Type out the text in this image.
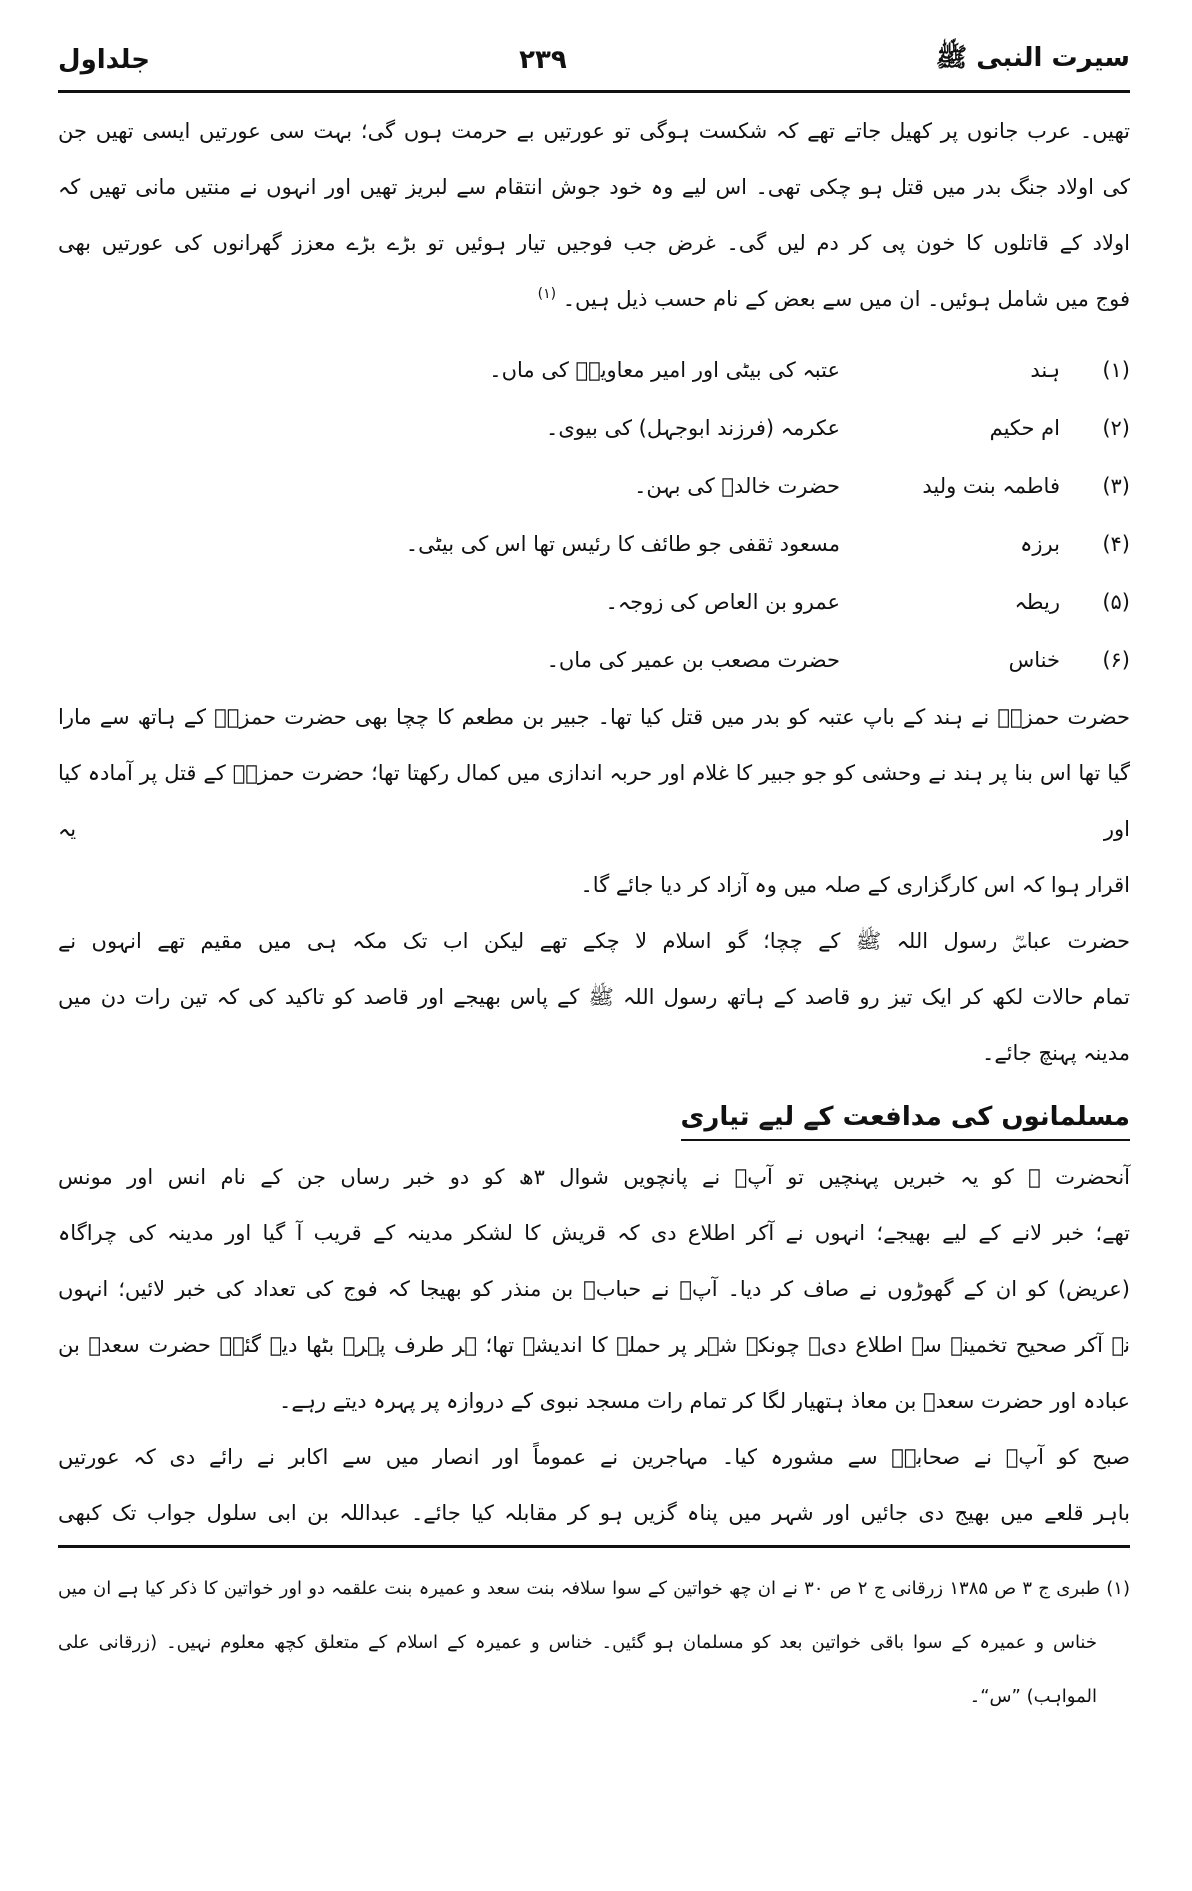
سیرت النبی ﷺ
۲۳۹
جلداول
تھیں۔ عرب جانوں پر کھیل جاتے تھے کہ شکست ہوگی تو عورتیں بے حرمت ہوں گی؛ بہت سی عورتیں ایسی تھیں جن
کی اولاد جنگ بدر میں قتل ہو چکی تھی۔ اس لیے وہ خود جوش انتقام سے لبریز تھیں اور انہوں نے منتیں مانی تھیں کہ
اولاد کے قاتلوں کا خون پی کر دم لیں گی۔ غرض جب فوجیں تیار ہوئیں تو بڑے بڑے معزز گھرانوں کی عورتیں بھی
فوج میں شامل ہوئیں۔ ان میں سے بعض کے نام حسب ذیل ہیں۔ $^{(۱)}$
(۱)
ہند
عتبہ کی بیٹی اور امیر معاویہؓ کی ماں۔
(۲)
ام حکیم
عکرمہ (فرزند ابوجہل) کی بیوی۔
(۳)
فاطمہ بنت ولید
حضرت خالدؓ کی بہن۔
(۴)
برزہ
مسعود ثقفی جو طائف کا رئیس تھا اس کی بیٹی۔
(۵)
ریطہ
عمرو بن العاص کی زوجہ۔
(۶)
خناس
حضرت مصعب بن عمیر کی ماں۔
حضرت حمزہؓ نے ہند کے باپ عتبہ کو بدر میں قتل کیا تھا۔ جبیر بن مطعم کا چچا بھی حضرت حمزہؓ کے ہاتھ سے مارا
گیا تھا اس بنا پر ہند نے وحشی کو جو جبیر کا غلام اور حربہ اندازی میں کمال رکھتا تھا؛ حضرت حمزہؓ کے قتل پر آمادہ کیا اور یہ
اقرار ہوا کہ اس کارگزاری کے صلہ میں وہ آزاد کر دیا جائے گا۔
حضرت عباسؓ رسول اللہ ﷺ کے چچا؛ گو اسلام لا چکے تھے لیکن اب تک مکہ ہی میں مقیم تھے انہوں نے
تمام حالات لکھ کر ایک تیز رو قاصد کے ہاتھ رسول اللہ ﷺ کے پاس بھیجے اور قاصد کو تاکید کی کہ تین رات دن میں
مدینہ پہنچ جائے۔
مسلمانوں کی مدافعت کے لیے تیاری
آنحضرت ﷺ کو یہ خبریں پہنچیں تو آپؐ نے پانچویں شوال ۳ھ کو دو خبر رساں جن کے نام انس اور مونس
تھے؛ خبر لانے کے لیے بھیجے؛ انہوں نے آکر اطلاع دی کہ قریش کا لشکر مدینہ کے قریب آ گیا اور مدینہ کی چراگاہ
(عریض) کو ان کے گھوڑوں نے صاف کر دیا۔ آپؐ نے حبابؓ بن منذر کو بھیجا کہ فوج کی تعداد کی خبر لائیں؛ انہوں
نے آکر صحیح تخمینہ سے اطلاع دی۔ چونکہ شہر پر حملہ کا اندیشہ تھا؛ ہر طرف پہرے بٹھا دیے گئے۔ حضرت سعدؓ بن
عبادہ اور حضرت سعدؓ بن معاذ ہتھیار لگا کر تمام رات مسجد نبوی کے دروازہ پر پہرہ دیتے رہے۔
صبح کو آپؐ نے صحابہؓ سے مشورہ کیا۔ مہاجرین نے عموماً اور انصار میں سے اکابر نے رائے دی کہ عورتیں
باہر قلعے میں بھیج دی جائیں اور شہر میں پناہ گزیں ہو کر مقابلہ کیا جائے۔ عبداللہ بن ابی سلول جواب تک کبھی
(۱) طبری ج ۳ ص ۱۳۸۵ زرقانی ج ۲ ص ۳۰ نے ان چھ خواتین کے سوا سلافہ بنت سعد و عمیرہ بنت علقمہ دو اور خواتین کا ذکر کیا ہے ان میں
خناس و عمیرہ کے سوا باقی خواتین بعد کو مسلمان ہو گئیں۔ خناس و عمیرہ کے اسلام کے متعلق کچھ معلوم نہیں۔ (زرقانی علی
المواہب) ”س“۔
